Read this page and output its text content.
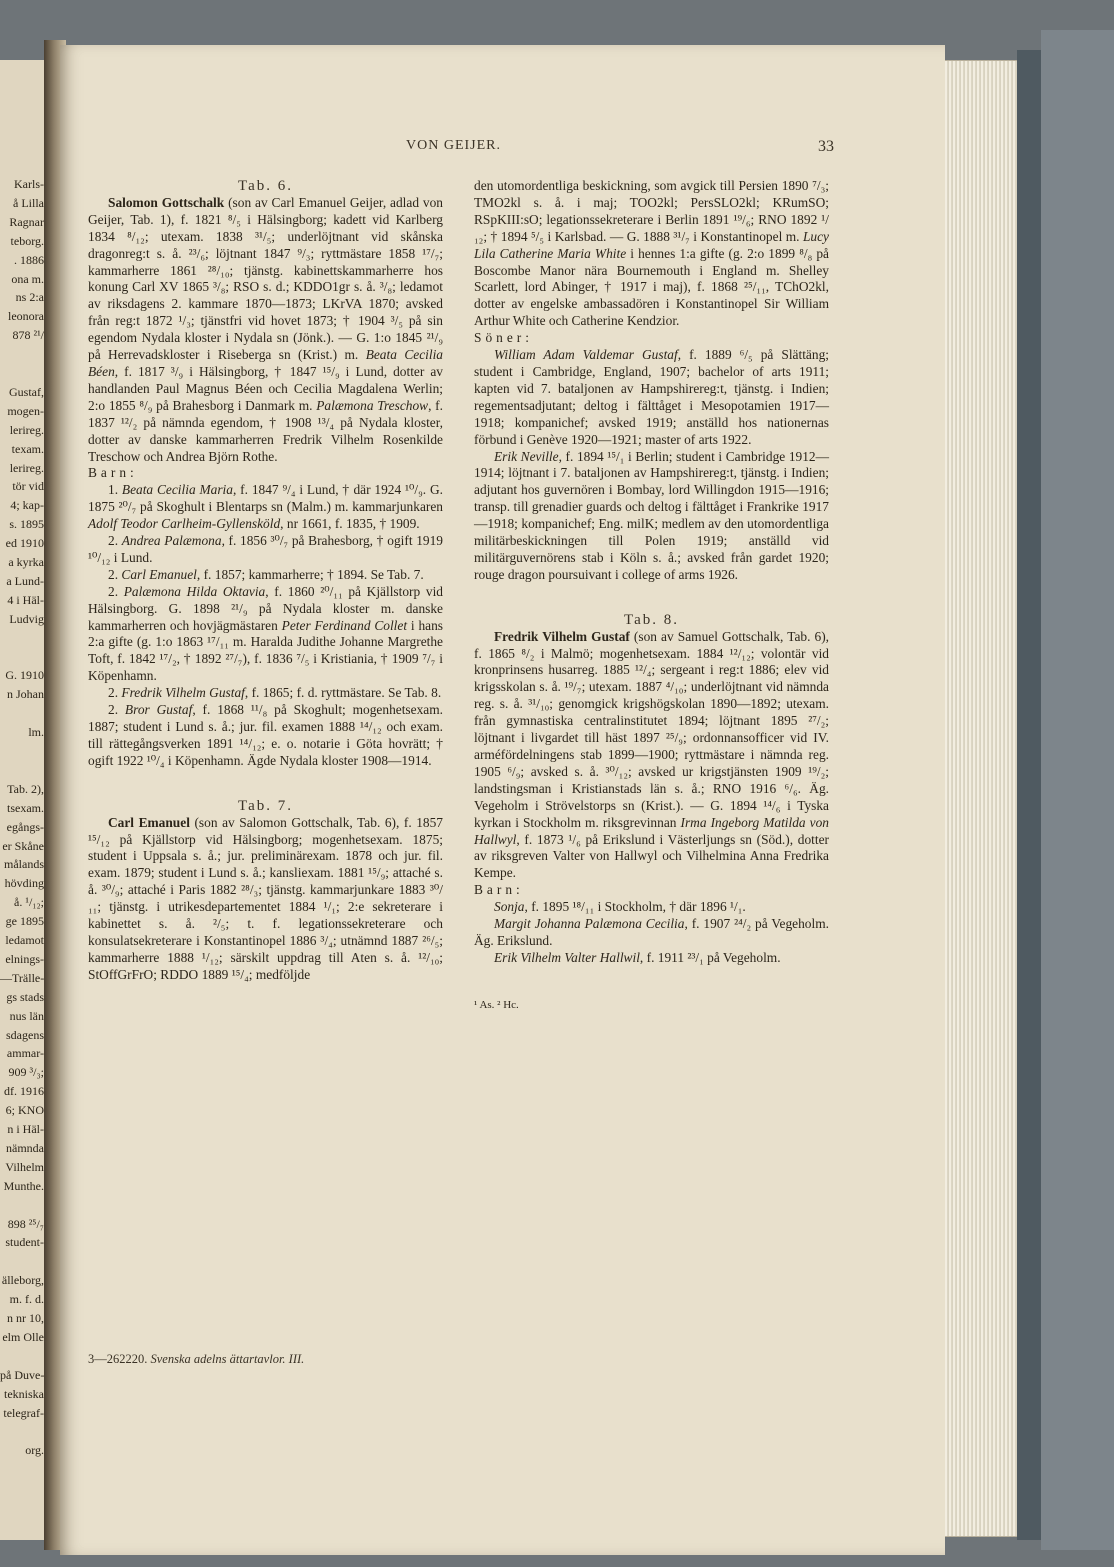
Karls-
å Lilla
Ragnar
teborg.
. 1886
ona m.
ns 2:a
leonora
878 ²¹/
Gustaf,
mogen-
lerireg.
texam.
lerireg.
tör vid
4; kap-
s. 1895
ed 1910
a kyrka
a Lund-
4 i Häl-
Ludvig
G. 1910
n Johan
lm.
Tab. 2),
tsexam.
egångs-
er Skåne
målands
hövding
å. ¹/₁₂;
ge 1895
ledamot
elnings-
—Trälle-
gs stads
nus län
sdagens
ammar-
909 ³/₃;
df. 1916
6; KNO
n i Häl-
nämnda
Vilhelm
Munthe.
898 ²⁵/₇
student-
älleborg,
m. f. d.
n nr 10,
elm Olle
på Duve-
tekniska
telegraf-
org.
VON GEIJER.	33

Tab. 6.

Salomon Gottschalk (son av Carl Emanuel Geijer, adlad von Geijer, Tab. 1), f. 1821 ⁸/₅ i Hälsingborg; kadett vid Karlberg 1834 ⁸/₁₂; utexam. 1838 ³¹/₅; underlöjtnant vid skånska dragonreg:t s. å. ²³/₆; löjtnant 1847 ⁹/₃; ryttmästare 1858 ¹⁷/₇; kammarherre 1861 ²⁸/₁₀; tjänstg. kabinettskammarherre hos konung Carl XV 1865 ³/₈; RSO s. d.; KDDO1gr s. å. ³/₈; ledamot av riksdagens 2. kammare 1870—1873; LKrVA 1870; avsked från reg:t 1872 ¹/₃; tjänstfri vid hovet 1873; † 1904 ³/₅ på sin egendom Nydala kloster i Nydala sn (Jönk.). — G. 1:o 1845 ²¹/₉ på Herrevadskloster i Riseberga sn (Krist.) m. Beata Cecilia Béen, f. 1817 ³/₉ i Hälsingborg, † 1847 ¹⁵/₉ i Lund, dotter av handlanden Paul Magnus Béen och Cecilia Magdalena Werlin; 2:o 1855 ⁸/₉ på Brahesborg i Danmark m. Palæmona Treschow, f. 1837 ¹²/₂ på nämnda egendom, † 1908 ¹³/₄ på Nydala kloster, dotter av danske kammarherren Fredrik Vilhelm Rosenkilde Treschow och Andrea Björn Rothe.

Barn:

1. Beata Cecilia Maria, f. 1847 ⁹/₄ i Lund, † där 1924 ¹⁰/₉. G. 1875 ²⁰/₇ på Skoghult i Blentarps sn (Malm.) m. kammarjunkaren Adolf Teodor Carlheim-Gyllensköld, nr 1661, f. 1835, † 1909.

2. Andrea Palæmona, f. 1856 ³⁰/₇ på Brahesborg, † ogift 1919 ¹⁰/₁₂ i Lund.

2. Carl Emanuel, f. 1857; kammarherre; † 1894. Se Tab. 7.

2. Palæmona Hilda Oktavia, f. 1860 ²⁰/₁₁ på Kjällstorp vid Hälsingborg. G. 1898 ²¹/₉ på Nydala kloster m. danske kammarherren och hovjägmästaren Peter Ferdinand Collet i hans 2:a gifte (g. 1:o 1863 ¹⁷/₁₁ m. Haralda Judithe Johanne Margrethe Toft, f. 1842 ¹⁷/₂, † 1892 ²⁷/₇), f. 1836 ⁷/₅ i Kristiania, † 1909 ⁷/₇ i Köpenhamn.

2. Fredrik Vilhelm Gustaf, f. 1865; f. d. ryttmästare. Se Tab. 8.

2. Bror Gustaf, f. 1868 ¹¹/₈ på Skoghult; mogenhetsexam. 1887; student i Lund s. å.; jur. fil. examen 1888 ¹⁴/₁₂ och exam. till rättegångsverken 1891 ¹⁴/₁₂; e. o. notarie i Göta hovrätt; † ogift 1922 ¹⁰/₄ i Köpenhamn. Ägde Nydala kloster 1908—1914.

Tab. 7.

Carl Emanuel (son av Salomon Gottschalk, Tab. 6), f. 1857 ¹⁵/₁₂ på Kjällstorp vid Hälsingborg; mogenhetsexam. 1875; student i Uppsala s. å.; jur. preliminärexam. 1878 och jur. fil. exam. 1879; student i Lund s. å.; kansliexam. 1881 ¹⁵/₉; attaché s. å. ³⁰/₉; attaché i Paris 1882 ²⁸/₃; tjänstg. kammarjunkare 1883 ³⁰/₁₁; tjänstg. i utrikesdepartementet 1884 ¹/₁; 2:e sekreterare i kabinettet s. å. ²/₅; t. f. legationssekreterare och konsulatsekreterare i Konstantinopel 1886 ³/₄; utnämnd 1887 ²⁶/₅; kammarherre 1888 ¹/₁₂; särskilt uppdrag till Aten s. å. ¹²/₁₀; StOffGrFrO; RDDO 1889 ¹⁵/₄; medföljde

den utomordentliga beskickning, som avgick till Persien 1890 ⁷/₃; TMO2kl s. å. i maj; TOO2kl; PersSLO2kl; KRumSO; RSpKIII:sO; legationssekreterare i Berlin 1891 ¹⁹/₆; RNO 1892 ¹/₁₂; † 1894 ⁵/₅ i Karlsbad. — G. 1888 ³¹/₇ i Konstantinopel m. Lucy Lila Catherine Maria White i hennes 1:a gifte (g. 2:o 1899 ⁸/₈ på Boscombe Manor nära Bournemouth i England m. Shelley Scarlett, lord Abinger, † 1917 i maj), f. 1868 ²⁵/₁₁, TChO2kl, dotter av engelske ambassadören i Konstantinopel Sir William Arthur White och Catherine Kendzior.

Söner:

William Adam Valdemar Gustaf, f. 1889 ⁶/₅ på Slättäng; student i Cambridge, England, 1907; bachelor of arts 1911; kapten vid 7. bataljonen av Hampshirereg:t, tjänstg. i Indien; regementsadjutant; deltog i fälttåget i Mesopotamien 1917—1918; kompanichef; avsked 1919; anställd hos nationernas förbund i Genève 1920—1921; master of arts 1922.

Erik Neville, f. 1894 ¹⁵/₁ i Berlin; student i Cambridge 1912—1914; löjtnant i 7. bataljonen av Hampshirereg:t, tjänstg. i Indien; adjutant hos guvernören i Bombay, lord Willingdon 1915—1916; transp. till grenadier guards och deltog i fälttåget i Frankrike 1917—1918; kompanichef; Eng. milK; medlem av den utomordentliga militärbeskickningen till Polen 1919; anställd vid militärguvernörens stab i Köln s. å.; avsked från gardet 1920; rouge dragon poursuivant i college of arms 1926.

Tab. 8.

Fredrik Vilhelm Gustaf (son av Samuel Gottschalk, Tab. 6), f. 1865 ⁸/₂ i Malmö; mogenhetsexam. 1884 ¹²/₁₂; volontär vid kronprinsens husarreg. 1885 ¹²/₄; sergeant i reg:t 1886; elev vid krigsskolan s. å. ¹⁹/₇; utexam. 1887 ⁴/₁₀; underlöjtnant vid nämnda reg. s. å. ³¹/₁₀; genomgick krigshögskolan 1890—1892; utexam. från gymnastiska centralinstitutet 1894; löjtnant 1895 ²⁷/₂; löjtnant i livgardet till häst 1897 ²⁵/₉; ordonnansofficer vid IV. arméfördelningens stab 1899—1900; ryttmästare i nämnda reg. 1905 ⁶/₉; avsked s. å. ³⁰/₁₂; avsked ur krigstjänsten 1909 ¹⁹/₂; landstingsman i Kristianstads län s. å.; RNO 1916 ⁶/₆. Äg. Vegeholm i Strövelstorps sn (Krist.). — G. 1894 ¹⁴/₆ i Tyska kyrkan i Stockholm m. riksgrevinnan Irma Ingeborg Matilda von Hallwyl, f. 1873 ¹/₆ på Erikslund i Västerljungs sn (Söd.), dotter av riksgreven Valter von Hallwyl och Vilhelmina Anna Fredrika Kempe.

Barn:

Sonja, f. 1895 ¹⁸/₁₁ i Stockholm, † där 1896 ¹/₁.

Margit Johanna Palæmona Cecilia, f. 1907 ²⁴/₂ på Vegeholm. Äg. Erikslund.

Erik Vilhelm Valter Hallwil, f. 1911 ²³/₁ på Vegeholm.

¹ As. ² Hc.

3—262220. Svenska adelns ättartavlor. III.
